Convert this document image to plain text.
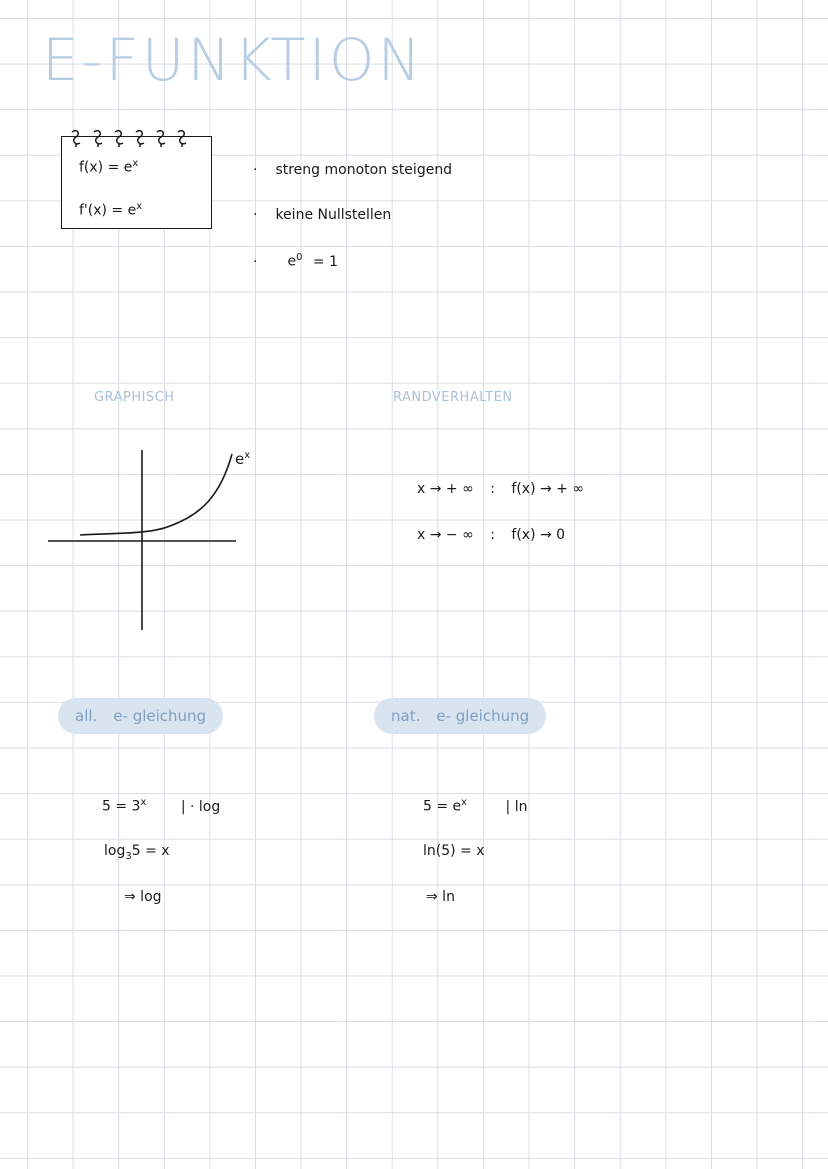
E-FUNKTION
$f(x) = e^x$
$f'(x) = e^x$
· streng monoton steigend
· keine Nullstellen
· $e^0 = 1$
GRAPHISCH	RANDVERHALTEN
$e^x$
x → + ∞ : f(x) → + ∞
x → − ∞ : f(x) → 0
all. e- gleichung	nat. e- gleichung
$5 = 3^x$ | · log
$\log_35 = x$
⇒ log
$5 = e^x$	| ln
ln(5) = x
⇒ ln
